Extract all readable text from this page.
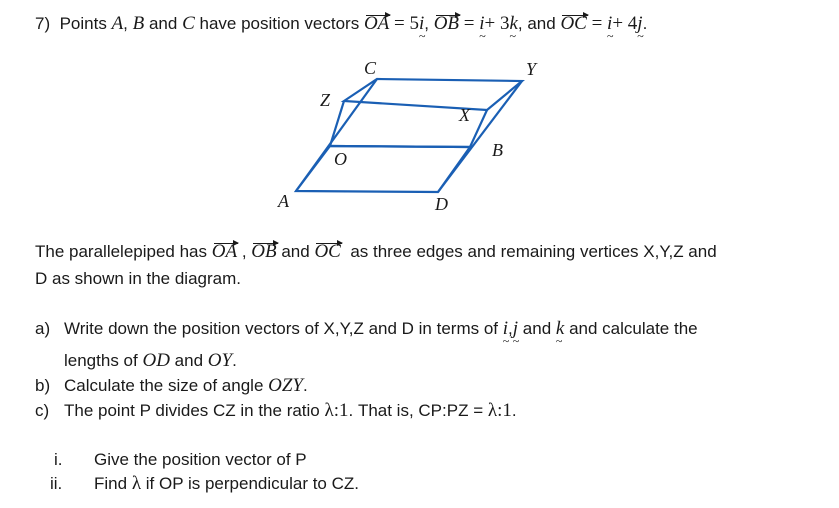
7) Points A, B and C have position vectors OA = 5i ~, OB = i ~+ 3k ~, and OC = i ~+ 4j ~.
C	Y
Z
X
B
O
A	D
The parallelepiped has OA , OB and OC as three edges and remaining vertices X,Y,Z and
D as shown in the diagram.
a) Write down the position vectors of X,Y,Z and D in terms of i ~,j ~ and k ~ and calculate the
lengths of OD and OY.
b) Calculate the size of angle OZY.
c) The point P divides CZ in the ratio λ:1. That is, CP:PZ = λ:1.
i. Give the position vector of P
ii. Find λ if OP is perpendicular to CZ.
